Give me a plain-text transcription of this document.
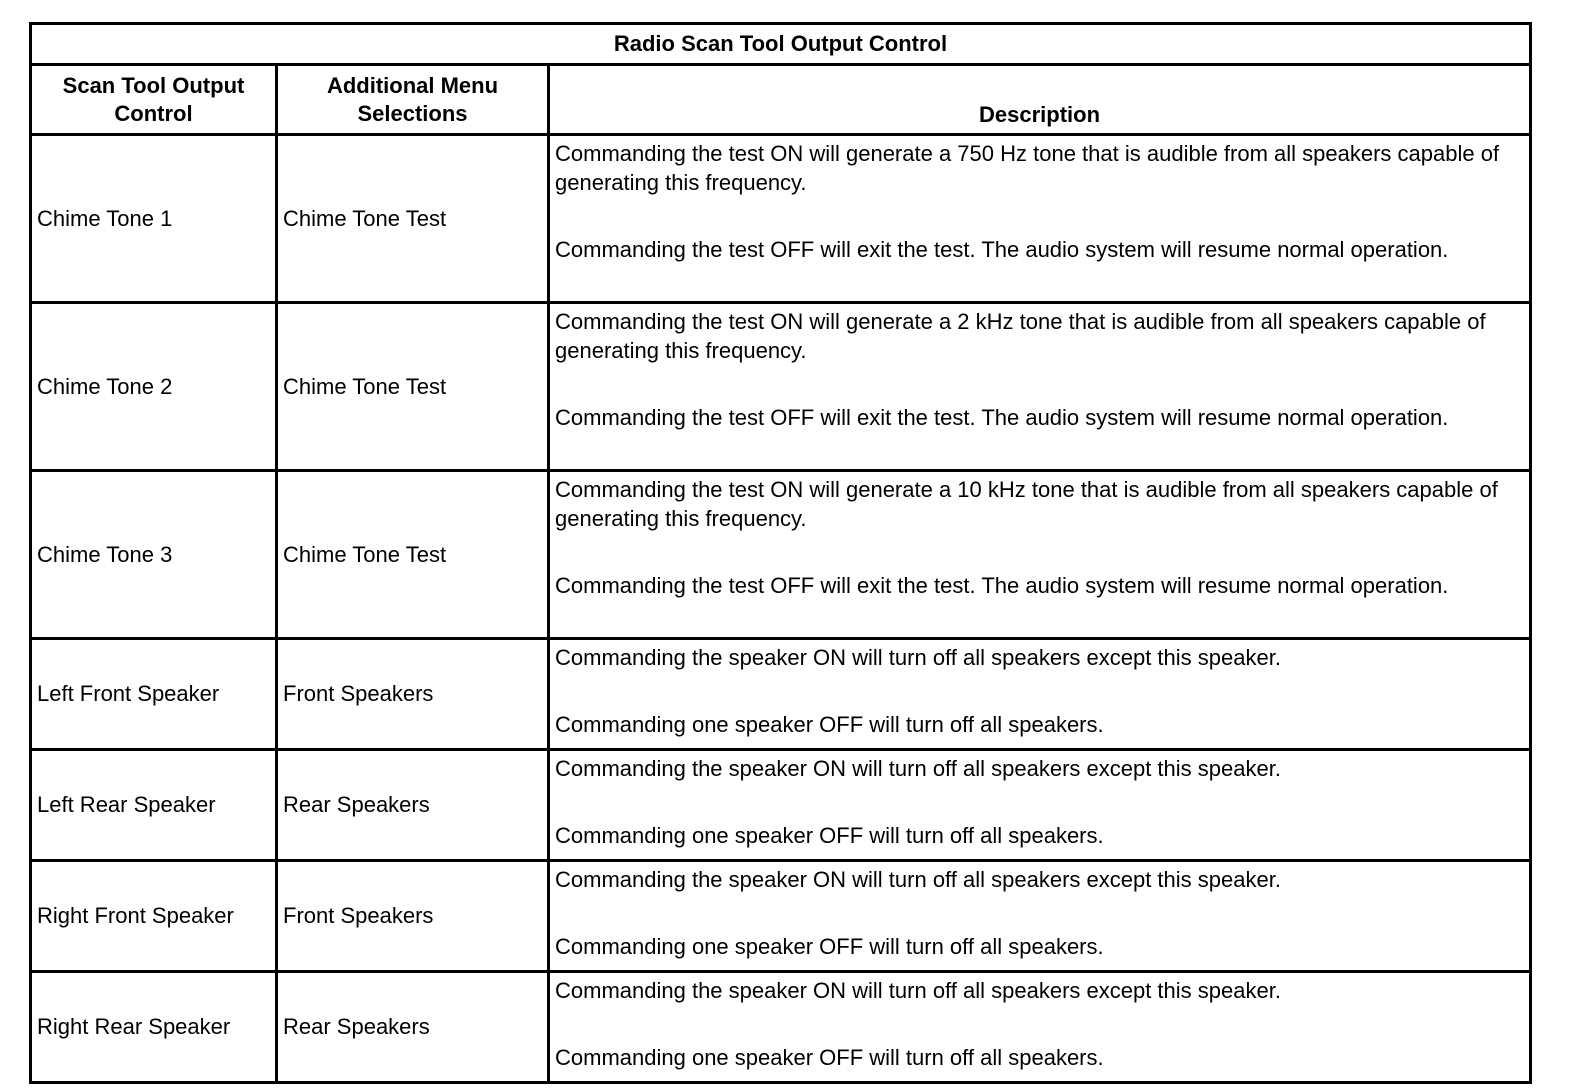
Radio Scan Tool Output Control		
Scan Tool Output Control	Additional Menu Selections	Description
Chime Tone 1	Chime Tone Test	Commanding the test ON will generate a 750 Hz tone that is audible from all speakers capable of generating this frequency.
Commanding the test OFF will exit the test. The audio system will resume normal operation.

Chime Tone 2	Chime Tone Test	Commanding the test ON will generate a 2 kHz tone that is audible from all speakers capable of generating this frequency.
Commanding the test OFF will exit the test. The audio system will resume normal operation.

Chime Tone 3	Chime Tone Test	Commanding the test ON will generate a 10 kHz tone that is audible from all speakers capable of generating this frequency.
Commanding the test OFF will exit the test. The audio system will resume normal operation.

Left Front Speaker	Front Speakers	Commanding the speaker ON will turn off all speakers except this speaker.
Commanding one speaker OFF will turn off all speakers.

Left Rear Speaker	Rear Speakers	Commanding the speaker ON will turn off all speakers except this speaker.
Commanding one speaker OFF will turn off all speakers.

Right Front Speaker	Front Speakers	Commanding the speaker ON will turn off all speakers except this speaker.
Commanding one speaker OFF will turn off all speakers.

Right Rear Speaker	Rear Speakers	Commanding the speaker ON will turn off all speakers except this speaker.
Commanding one speaker OFF will turn off all speakers.
